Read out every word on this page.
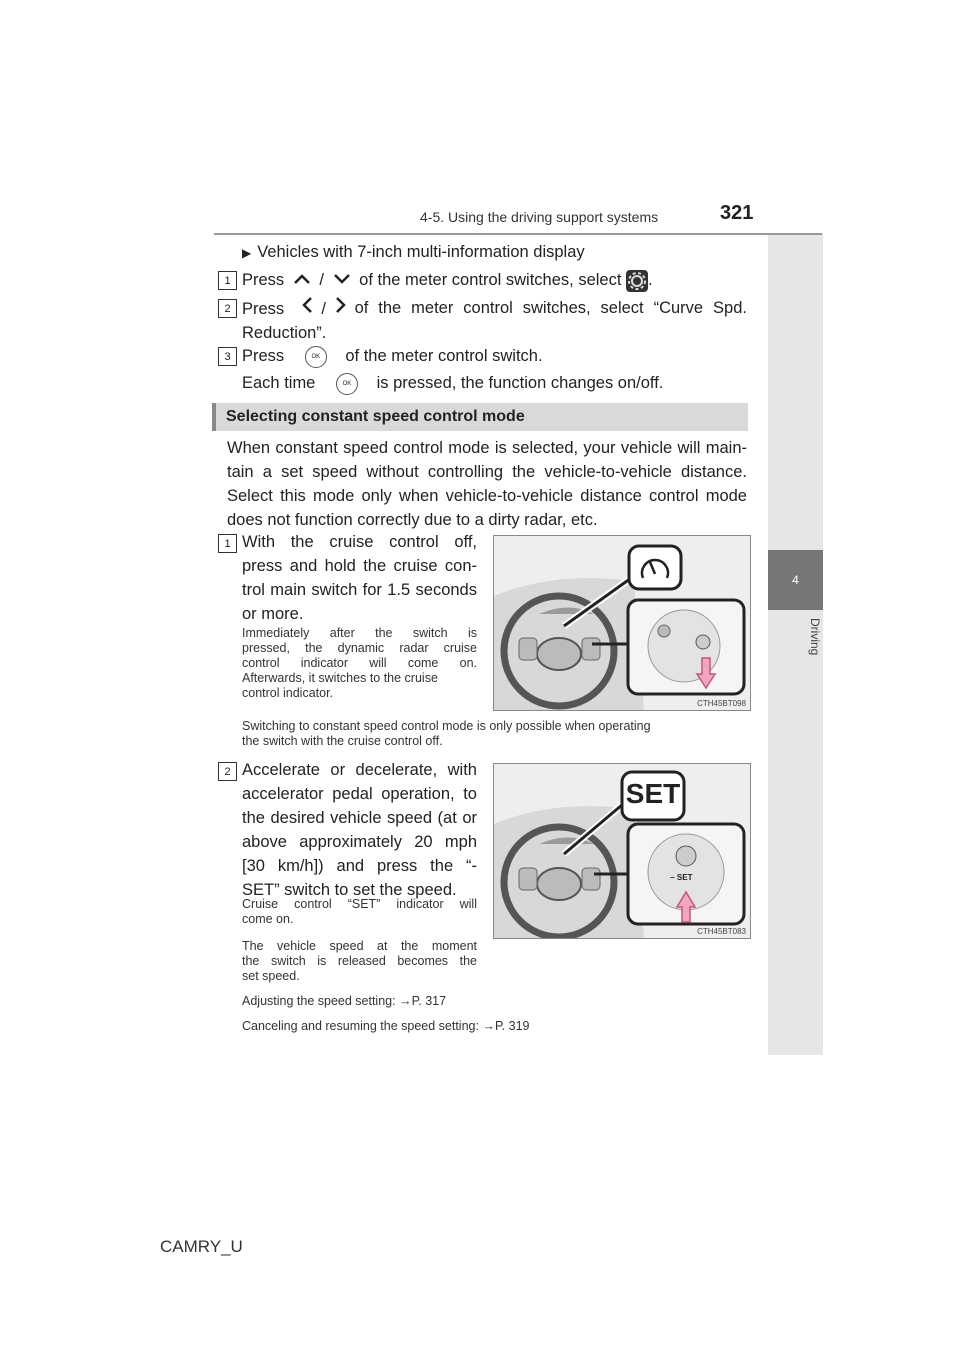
4-5. Using the driving support systems	321
4
Driving
▶ Vehicles with 7-inch multi-information display
1 Press / of the meter control switches, select .
2 Press /	of the meter control switches, select “Curve Spd.
Reduction”.
3 Press	OK of the meter control switch.
Each time	OK is pressed, the function changes on/off.
Selecting constant speed control mode
When constant speed control mode is selected, your vehicle will main-
tain a set speed without controlling the vehicle-to-vehicle distance.
Select this mode only when vehicle-to-vehicle distance control mode
does not function correctly due to a dirty radar, etc.
1 With the cruise control off,
press and hold the cruise con-
trol main switch for 1.5 seconds
or more.
Immediately after the switch is
pressed, the dynamic radar cruise
control indicator will come on.
Afterwards, it switches to the cruise
control indicator.
CTH45BT098
Switching to constant speed control mode is only possible when operating
the switch with the cruise control off.
2 Accelerate or decelerate, with
accelerator pedal operation, to
the desired vehicle speed (at or
above approximately 20 mph
[30 km/h]) and press the “-
SET” switch to set the speed.
Cruise control “SET” indicator will
come on.
The vehicle speed at the moment
the switch is released becomes the
set speed.
SET
− SET
CTH45BT083
Adjusting the speed setting: →P. 317
Canceling and resuming the speed setting: →P. 319
CAMRY_U
